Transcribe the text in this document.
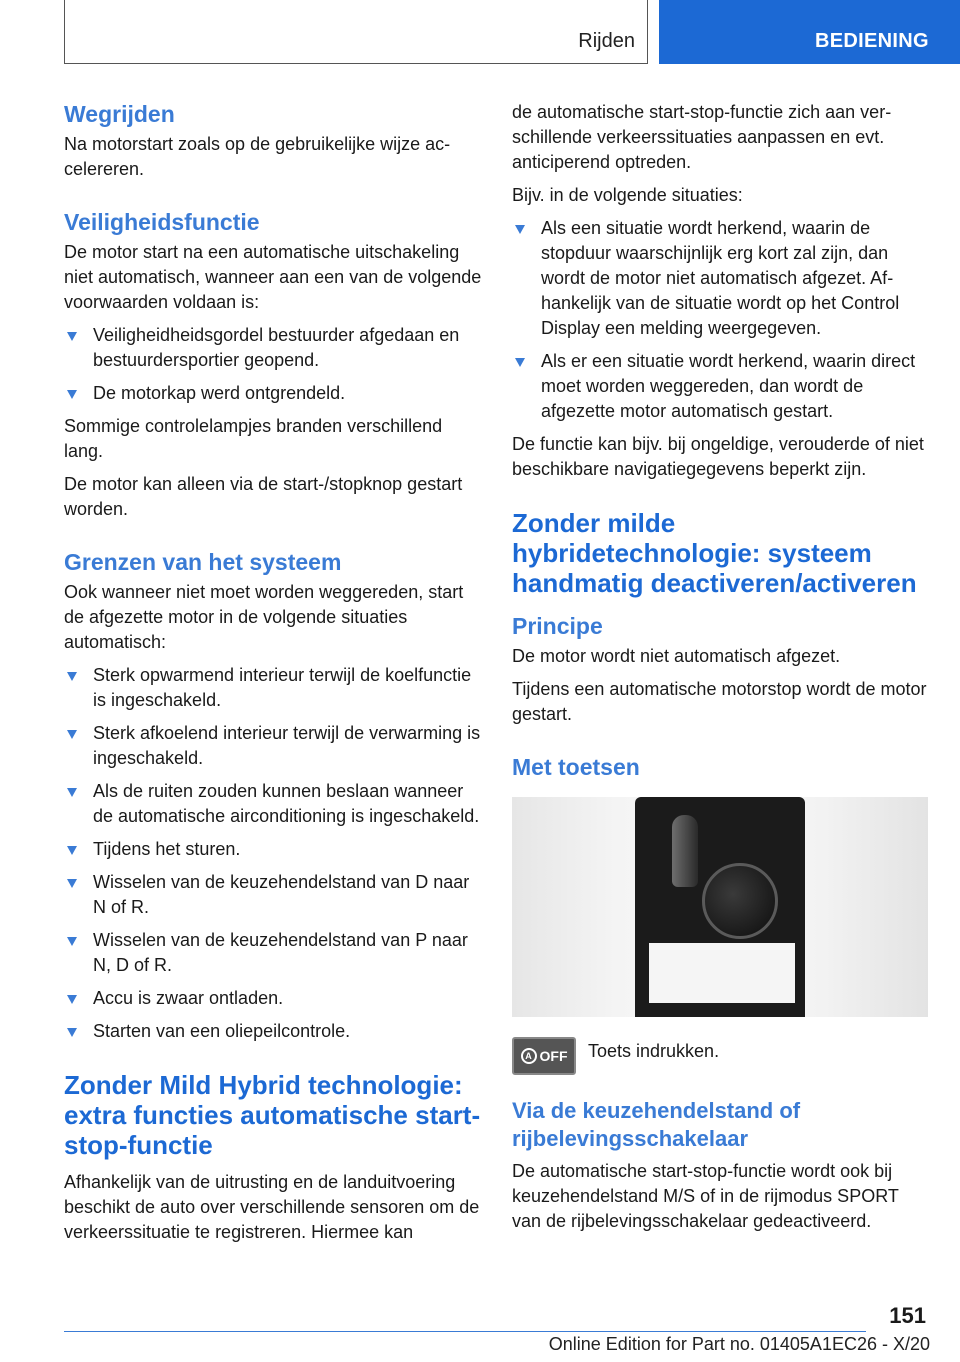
Rijden	BEDIENING
Wegrijden

Na motorstart zoals op de gebruikelijke wijze accelereren.

Veiligheidsfunctie

De motor start na een automatische uitschakeling niet automatisch, wanneer aan een van de volgende voorwaarden voldaan is:

Veiligheidheidsgordel bestuurder afgedaan en bestuurdersportier geopend.
De motorkap werd ontgrendeld.

Sommige controlelampjes branden verschillend lang.

De motor kan alleen via de start-/stopknop gestart worden.

Grenzen van het systeem

Ook wanneer niet moet worden weggereden, start de afgezette motor in de volgende situaties automatisch:

Sterk opwarmend interieur terwijl de koelfunctie is ingeschakeld.
Sterk afkoelend interieur terwijl de verwarming is ingeschakeld.
Als de ruiten zouden kunnen beslaan wanneer de automatische airconditioning is ingeschakeld.
Tijdens het sturen.
Wisselen van de keuzehendelstand van D naar N of R.
Wisselen van de keuzehendelstand van P naar N, D of R.
Accu is zwaar ontladen.
Starten van een oliepeilcontrole.
Zonder Mild Hybrid technologie: extra functies automatische start-stop-functie

Afhankelijk van de uitrusting en de landuitvoering beschikt de auto over verschillende sensoren om de verkeerssituatie te registreren. Hiermee kan

de automatische start-stop-functie zich aan verschillende verkeerssituaties aanpassen en evt. anticiperend optreden.

Bijv. in de volgende situaties:

Als een situatie wordt herkend, waarin de stopduur waarschijnlijk erg kort zal zijn, dan wordt de motor niet automatisch afgezet. Afhankelijk van de situatie wordt op het Control Display een melding weergegeven.
Als er een situatie wordt herkend, waarin direct moet worden weggereden, dan wordt de afgezette motor automatisch gestart.

De functie kan bijv. bij ongeldige, verouderde of niet beschikbare navigatiegegevens beperkt zijn.

Zonder milde hybridetechnologie: systeem handmatig deactiveren/activeren
Principe

De motor wordt niet automatisch afgezet.

Tijdens een automatische motorstop wordt de motor gestart.

Met toetsen
A OFF Toets indrukken.

Via de keuzehendelstand of rijbelevingsschakelaar

De automatische start-stop-functie wordt ook bij keuzehendelstand M/S of in de rijmodus SPORT van de rijbelevingsschakelaar gedeactiveerd.

151
Online Edition for Part no. 01405A1EC26 - X/20
